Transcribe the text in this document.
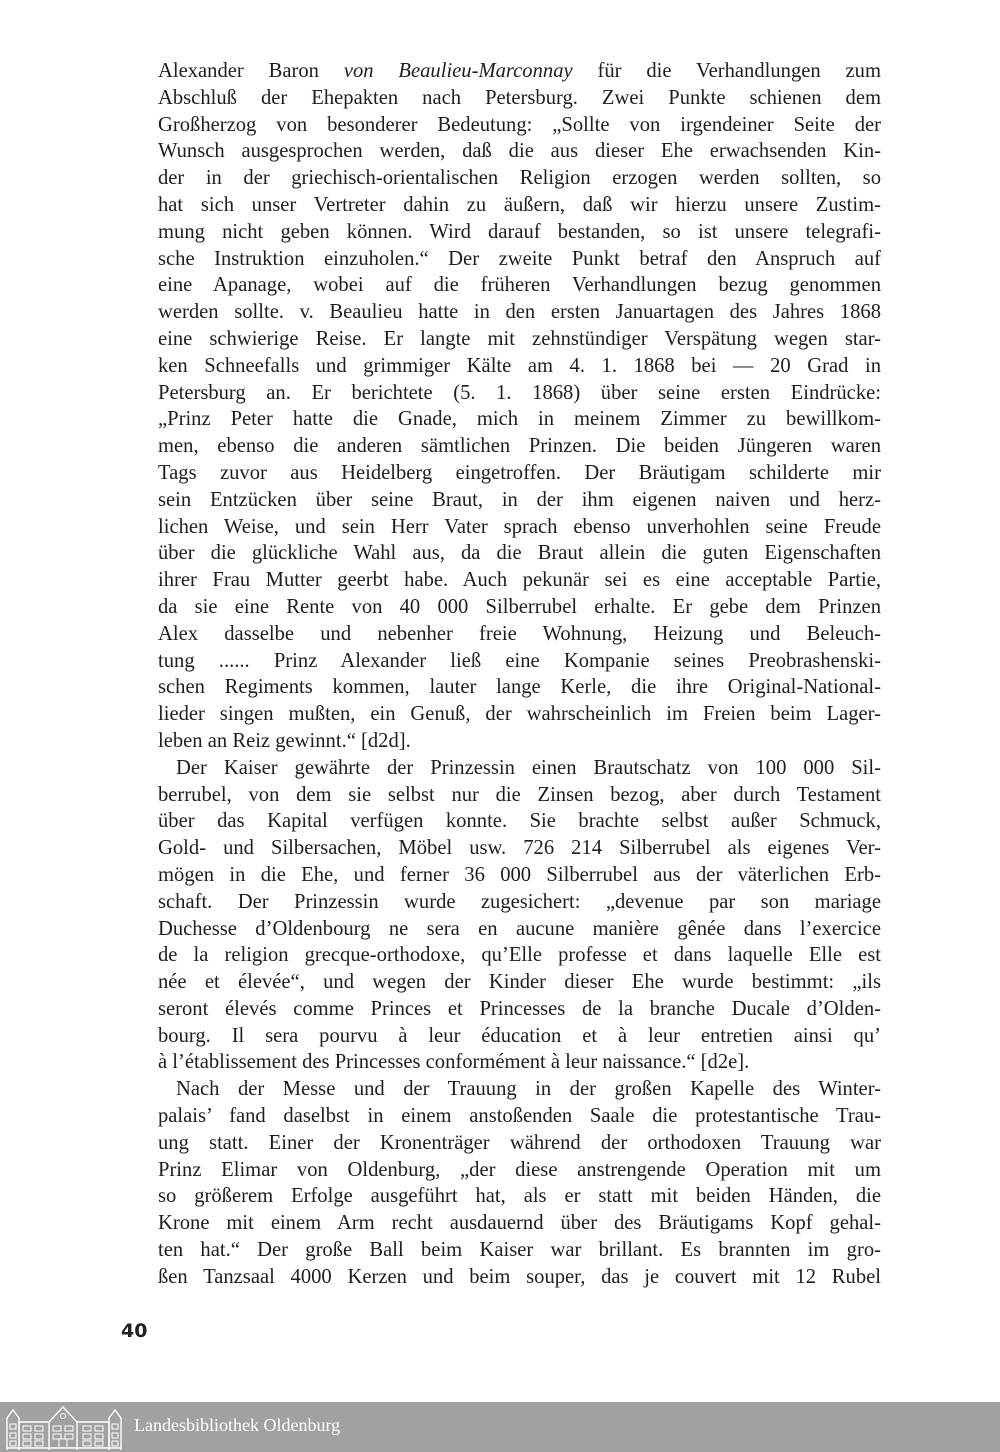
Alexander Baron von Beaulieu-Marconnay für die Verhandlungen zum
Abschluß der Ehepakten nach Petersburg. Zwei Punkte schienen dem
Großherzog von besonderer Bedeutung: „Sollte von irgendeiner Seite der
Wunsch ausgesprochen werden, daß die aus dieser Ehe erwachsenden Kin-
der in der griechisch-orientalischen Religion erzogen werden sollten, so
hat sich unser Vertreter dahin zu äußern, daß wir hierzu unsere Zustim-
mung nicht geben können. Wird darauf bestanden, so ist unsere telegrafi-
sche Instruktion einzuholen.“ Der zweite Punkt betraf den Anspruch auf
eine Apanage, wobei auf die früheren Verhandlungen bezug genommen
werden sollte. v. Beaulieu hatte in den ersten Januartagen des Jahres 1868
eine schwierige Reise. Er langte mit zehnstündiger Verspätung wegen star-
ken Schneefalls und grimmiger Kälte am 4. 1. 1868 bei — 20 Grad in
Petersburg an. Er berichtete (5. 1. 1868) über seine ersten Eindrücke:
„Prinz Peter hatte die Gnade, mich in meinem Zimmer zu bewillkom-
men, ebenso die anderen sämtlichen Prinzen. Die beiden Jüngeren waren
Tags zuvor aus Heidelberg eingetroffen. Der Bräutigam schilderte mir
sein Entzücken über seine Braut, in der ihm eigenen naiven und herz-
lichen Weise, und sein Herr Vater sprach ebenso unverhohlen seine Freude
über die glückliche Wahl aus, da die Braut allein die guten Eigenschaften
ihrer Frau Mutter geerbt habe. Auch pekunär sei es eine acceptable Partie,
da sie eine Rente von 40 000 Silberrubel erhalte. Er gebe dem Prinzen
Alex dasselbe und nebenher freie Wohnung, Heizung und Beleuch-
tung ...... Prinz Alexander ließ eine Kompanie seines Preobrashenski-
schen Regiments kommen, lauter lange Kerle, die ihre Original-National-
lieder singen mußten, ein Genuß, der wahrscheinlich im Freien beim Lager-
leben an Reiz gewinnt.“ [d2d].
Der Kaiser gewährte der Prinzessin einen Brautschatz von 100 000 Sil-
berrubel, von dem sie selbst nur die Zinsen bezog, aber durch Testament
über das Kapital verfügen konnte. Sie brachte selbst außer Schmuck,
Gold- und Silbersachen, Möbel usw. 726 214 Silberrubel als eigenes Ver-
mögen in die Ehe, und ferner 36 000 Silberrubel aus der väterlichen Erb-
schaft. Der Prinzessin wurde zugesichert: „devenue par son mariage
Duchesse d’Oldenbourg ne sera en aucune manière gênée dans l’exercice
de la religion grecque-orthodoxe, qu’Elle professe et dans laquelle Elle est
née et élevée“, und wegen der Kinder dieser Ehe wurde bestimmt: „ils
seront élevés comme Princes et Princesses de la branche Ducale d’Olden-
bourg. Il sera pourvu à leur éducation et à leur entretien ainsi qu’
à l’établissement des Princesses conformément à leur naissance.“ [d2e].
Nach der Messe und der Trauung in der großen Kapelle des Winter-
palais’ fand daselbst in einem anstoßenden Saale die protestantische Trau-
ung statt. Einer der Kronenträger während der orthodoxen Trauung war
Prinz Elimar von Oldenburg, „der diese anstrengende Operation mit um
so größerem Erfolge ausgeführt hat, als er statt mit beiden Händen, die
Krone mit einem Arm recht ausdauernd über des Bräutigams Kopf gehal-
ten hat.“ Der große Ball beim Kaiser war brillant. Es brannten im gro-
ßen Tanzsaal 4000 Kerzen und beim souper, das je couvert mit 12 Rubel
40
Landesbibliothek Oldenburg
